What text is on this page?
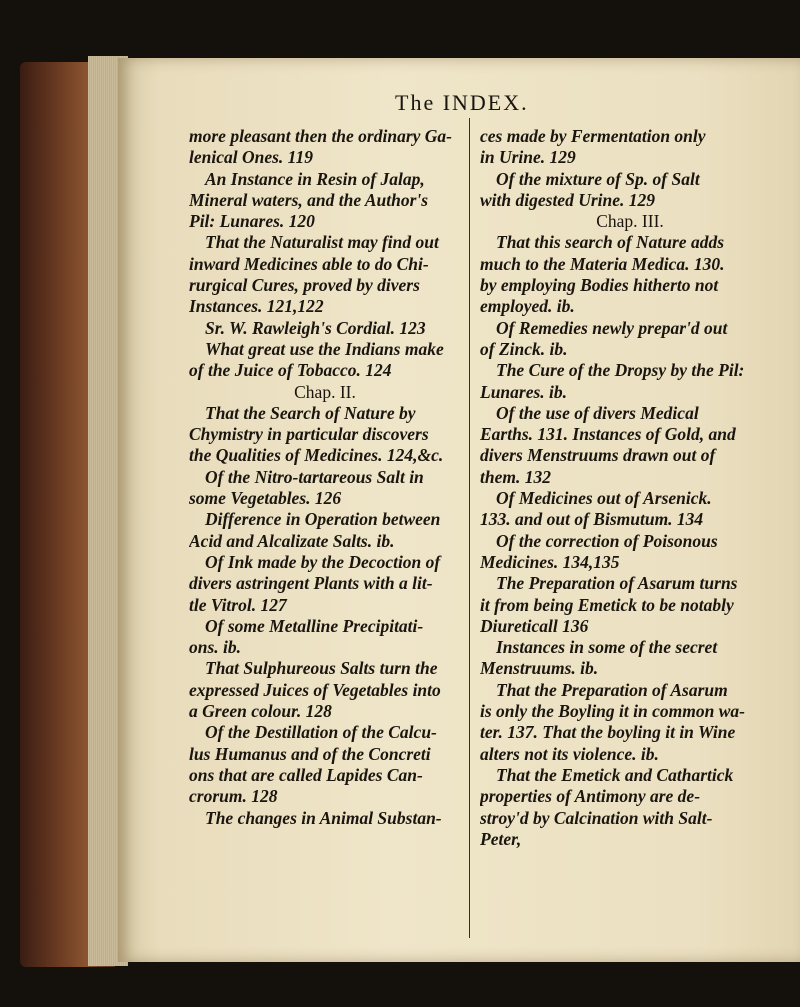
The INDEX.
more pleasant then the ordinary Ga-
lenical Ones. 119
An Instance in Resin of Jalap,
Mineral waters, and the Author's
Pil: Lunares. 120
That the Naturalist may find out
inward Medicines able to do Chi-
rurgical Cures, proved by divers
Instances. 121,122
Sr. W. Rawleigh's Cordial. 123
What great use the Indians make
of the Juice of Tobacco. 124
Chap. II.
That the Search of Nature by
Chymistry in particular discovers
the Qualities of Medicines. 124,&c.
Of the Nitro-tartareous Salt in
some Vegetables. 126
Difference in Operation between
Acid and Alcalizate Salts. ib.
Of Ink made by the Decoction of
divers astringent Plants with a lit-
tle Vitrol. 127
Of some Metalline Precipitati-
ons. ib.
That Sulphureous Salts turn the
expressed Juices of Vegetables into
a Green colour. 128
Of the Destillation of the Calcu-
lus Humanus and of the Concreti
ons that are called Lapides Can-
crorum. 128
The changes in Animal Substan-
ces made by Fermentation only
in Urine. 129
Of the mixture of Sp. of Salt
with digested Urine. 129
Chap. III.
That this search of Nature adds
much to the Materia Medica. 130.
by employing Bodies hitherto not
employed. ib.
Of Remedies newly prepar'd out
of Zinck. ib.
The Cure of the Dropsy by the Pil:
Lunares. ib.
Of the use of divers Medical
Earths. 131. Instances of Gold, and
divers Menstruums drawn out of
them. 132
Of Medicines out of Arsenick.
133. and out of Bismutum. 134
Of the correction of Poisonous
Medicines. 134,135
The Preparation of Asarum turns
it from being Emetick to be notably
Diureticall 136
Instances in some of the secret
Menstruums. ib.
That the Preparation of Asarum
is only the Boyling it in common wa-
ter. 137. That the boyling it in Wine
alters not its violence. ib.
That the Emetick and Cathartick
properties of Antimony are de-
stroy'd by Calcination with Salt-
Peter,
